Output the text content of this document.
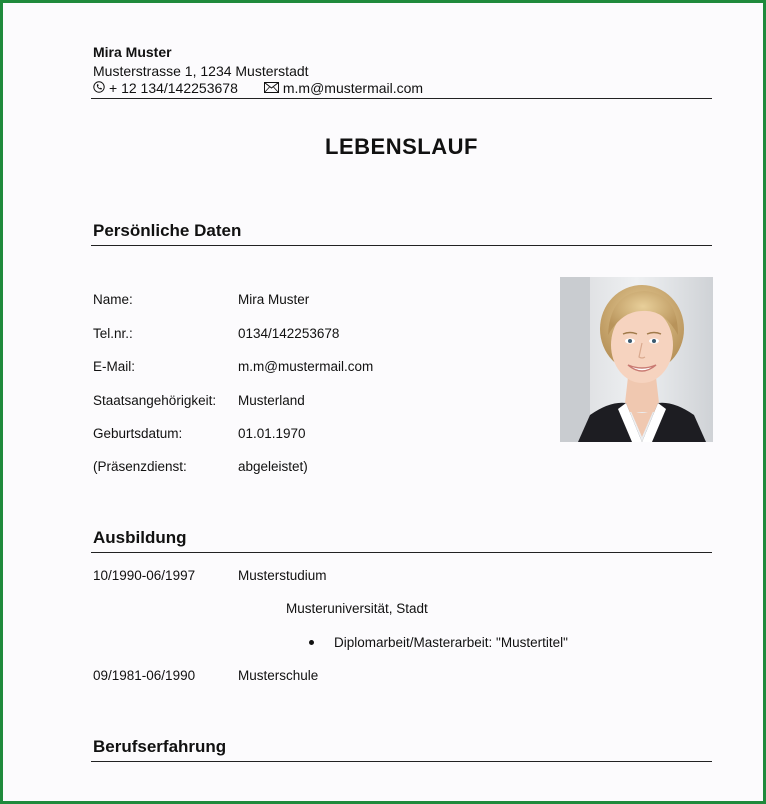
Mira Muster
Musterstrasse 1, 1234 Musterstadt
+ 12 134/142253678	m.m@mustermail.com
LEBENSLAUF
Persönliche Daten
Name:	Mira Muster
Tel.nr.:	0134/142253678
E-Mail:	m.m@mustermail.com
Staatsangehörigkeit: Musterland
Geburtsdatum:	01.01.1970
(Präsenzdienst:	abgeleistet)
Ausbildung
10/1990-06/1997	Musterstudium
Musteruniversität, Stadt
Diplomarbeit/Masterarbeit: "Mustertitel"
09/1981-06/1990	Musterschule
Berufserfahrung
